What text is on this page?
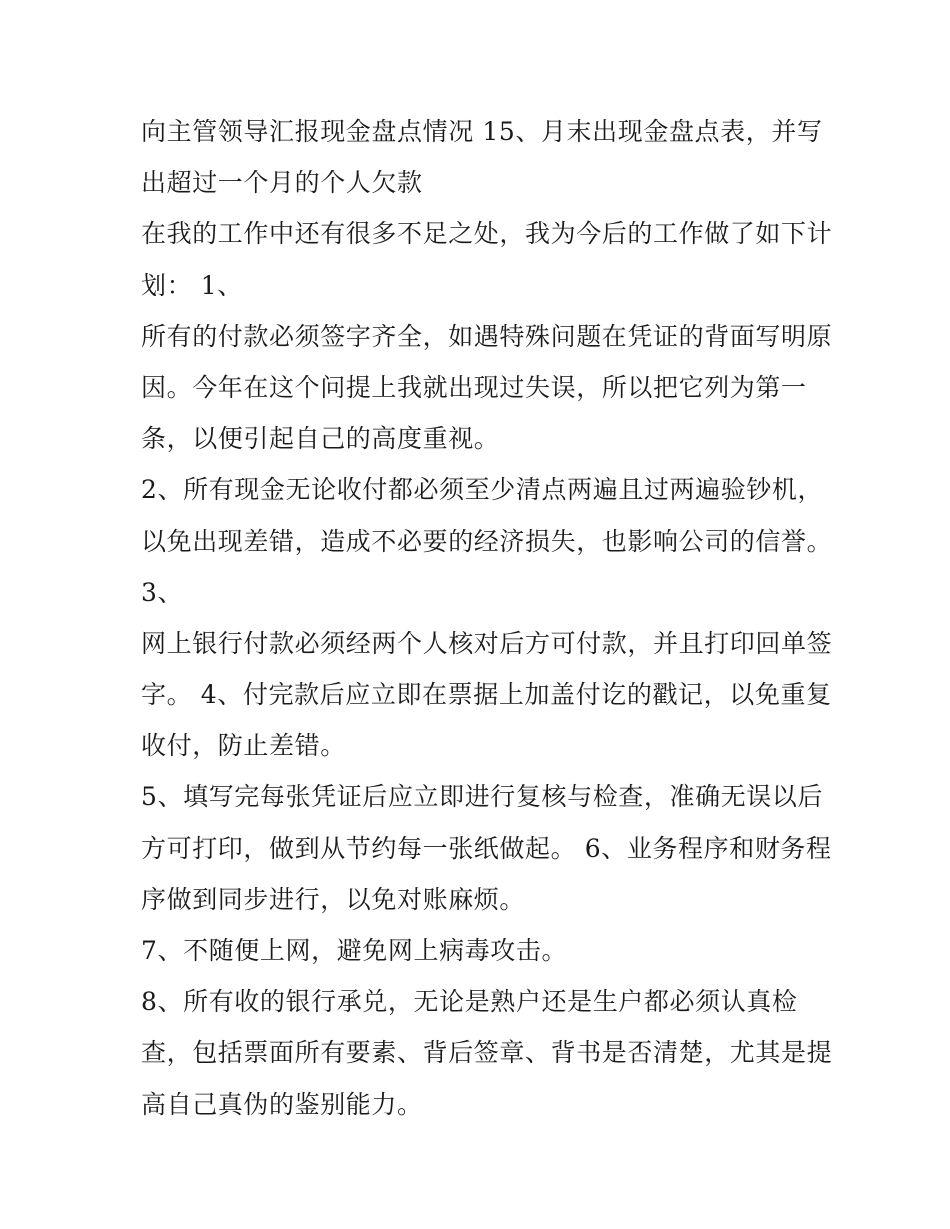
向主管领导汇报现金盘点情况 15、月末出现金盘点表，并写
出超过一个月的个人欠款
在我的工作中还有很多不足之处，我为今后的工作做了如下计
划： 1、
所有的付款必须签字齐全，如遇特殊问题在凭证的背面写明原
因。今年在这个问提上我就出现过失误，所以把它列为第一
条，以便引起自己的高度重视。
2、所有现金无论收付都必须至少清点两遍且过两遍验钞机，
以免出现差错，造成不必要的经济损失，也影响公司的信誉。
3、
网上银行付款必须经两个人核对后方可付款，并且打印回单签
字。 4、付完款后应立即在票据上加盖付讫的戳记，以免重复
收付，防止差错。
5、填写完每张凭证后应立即进行复核与检查，准确无误以后
方可打印，做到从节约每一张纸做起。 6、业务程序和财务程
序做到同步进行，以免对账麻烦。
7、不随便上网，避免网上病毒攻击。
8、所有收的银行承兑，无论是熟户还是生户都必须认真检
查，包括票面所有要素、背后签章、背书是否清楚，尤其是提
高自己真伪的鉴别能力。
